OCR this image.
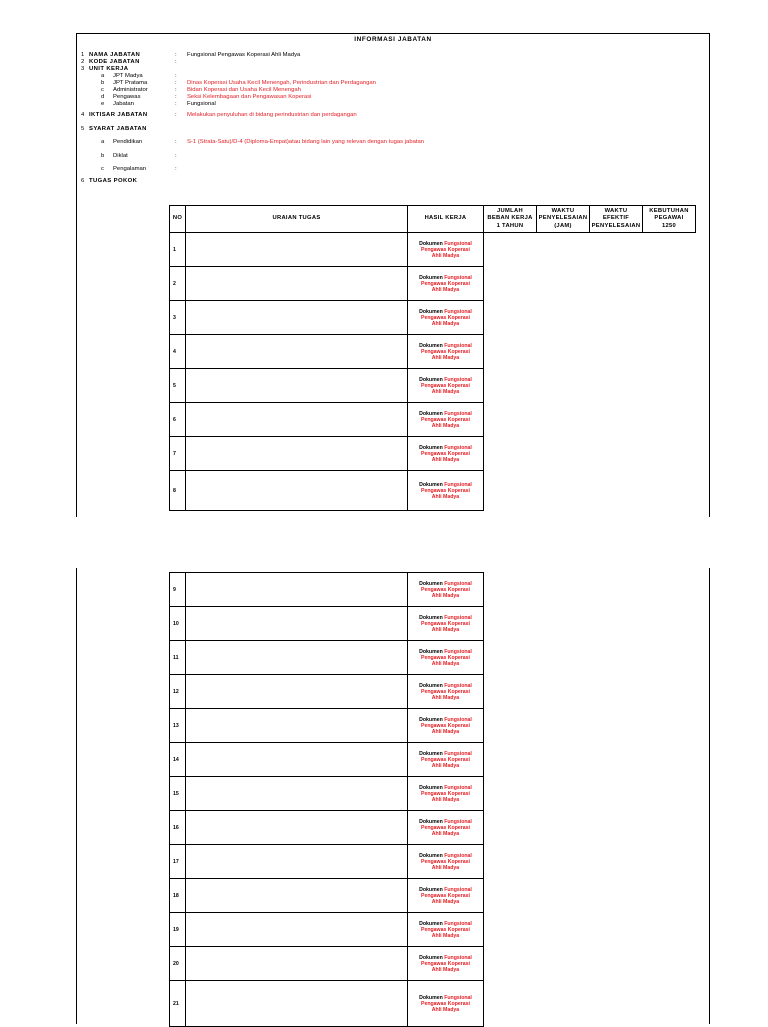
INFORMASI JABATAN
1 NAMA JABATAN	: Fungsional Pengawas Koperasi Ahli Madya
2 KODE JABATAN	:
3 UNIT KERJA
a JPT Madya	:
b JPT Pratama	: Dinas Koperasi Usaha Kecil Menengah, Perindustrian dan Perdagangan
c Administrator	: Bidan Koperasi dan Usaha Kecil Menengah
d Pengawas	: Seksi Kelembagaan dan Pengawasan Koperasi
e Jabatan	: Fungsional
4 IKTISAR JABATAN	: Melakukan penyuluhan di bidang perindustrian dan perdagangan
5 SYARAT JABATAN
a Pendidikan	: S-1 (Strata-Satu)/D-4 (Diploma-Empat)atau bidang lain yang relevan dengan tugas jabatan
b Diklat	:
c Pengalaman	:
6 TUGAS POKOK
NO	URAIAN TUGAS	HASIL KERJA	JUMLAH
BEBAN KERJA
1 TAHUN	WAKTU
PENYELESAIAN
(JAM)	WAKTU
EFEKTIF
PENYELESAIAN	KEBUTUHAN
PEGAWAI
1250

1		Dokumen Fungsional
Pengawas Koperasi
Ahli Madya				
2		Dokumen Fungsional
Pengawas Koperasi
Ahli Madya				
3		Dokumen Fungsional
Pengawas Koperasi
Ahli Madya				
4		Dokumen Fungsional
Pengawas Koperasi
Ahli Madya				
5		Dokumen Fungsional
Pengawas Koperasi
Ahli Madya				
6		Dokumen Fungsional
Pengawas Koperasi
Ahli Madya				
7		Dokumen Fungsional
Pengawas Koperasi
Ahli Madya				
8		Dokumen Fungsional
Pengawas Koperasi
Ahli Madya				
9		Dokumen Fungsional
Pengawas Koperasi
Ahli Madya				
10		Dokumen Fungsional
Pengawas Koperasi
Ahli Madya				
11		Dokumen Fungsional
Pengawas Koperasi
Ahli Madya				
12		Dokumen Fungsional
Pengawas Koperasi
Ahli Madya				
13		Dokumen Fungsional
Pengawas Koperasi
Ahli Madya				
14		Dokumen Fungsional
Pengawas Koperasi
Ahli Madya				
15		Dokumen Fungsional
Pengawas Koperasi
Ahli Madya				
16		Dokumen Fungsional
Pengawas Koperasi
Ahli Madya				
17		Dokumen Fungsional
Pengawas Koperasi
Ahli Madya				
18		Dokumen Fungsional
Pengawas Koperasi
Ahli Madya				
19		Dokumen Fungsional
Pengawas Koperasi
Ahli Madya				
20		Dokumen Fungsional
Pengawas Koperasi
Ahli Madya				
21		Dokumen Fungsional
Pengawas Koperasi
Ahli Madya				
